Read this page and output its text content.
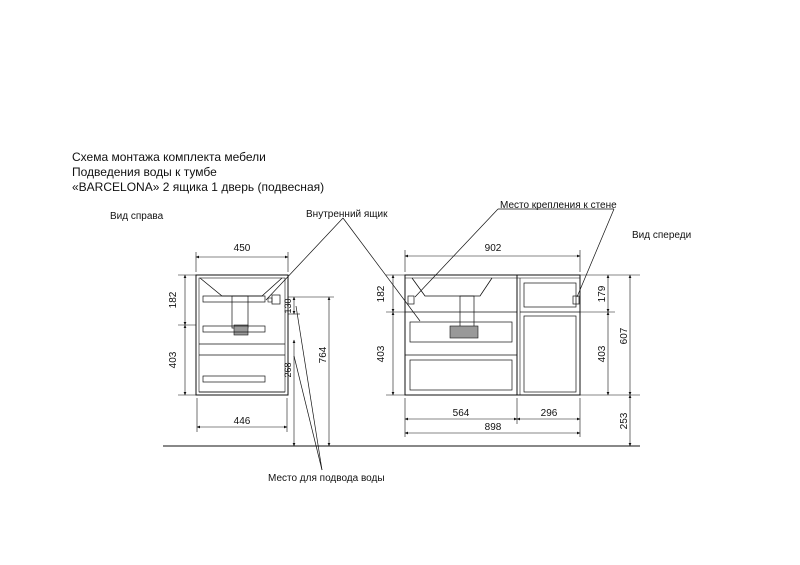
Схема монтажа комплекта мебели
Подведения воды к тумбе
«BARCELONA» 2 ящика 1 дверь (подвесная)
Вид справа
Вид спереди
Внутренний ящик
Место крепления к стене
Место для подвода воды
450
446
182
403
130
268
764
902
182
403
179
403
607
253
564	296
898
